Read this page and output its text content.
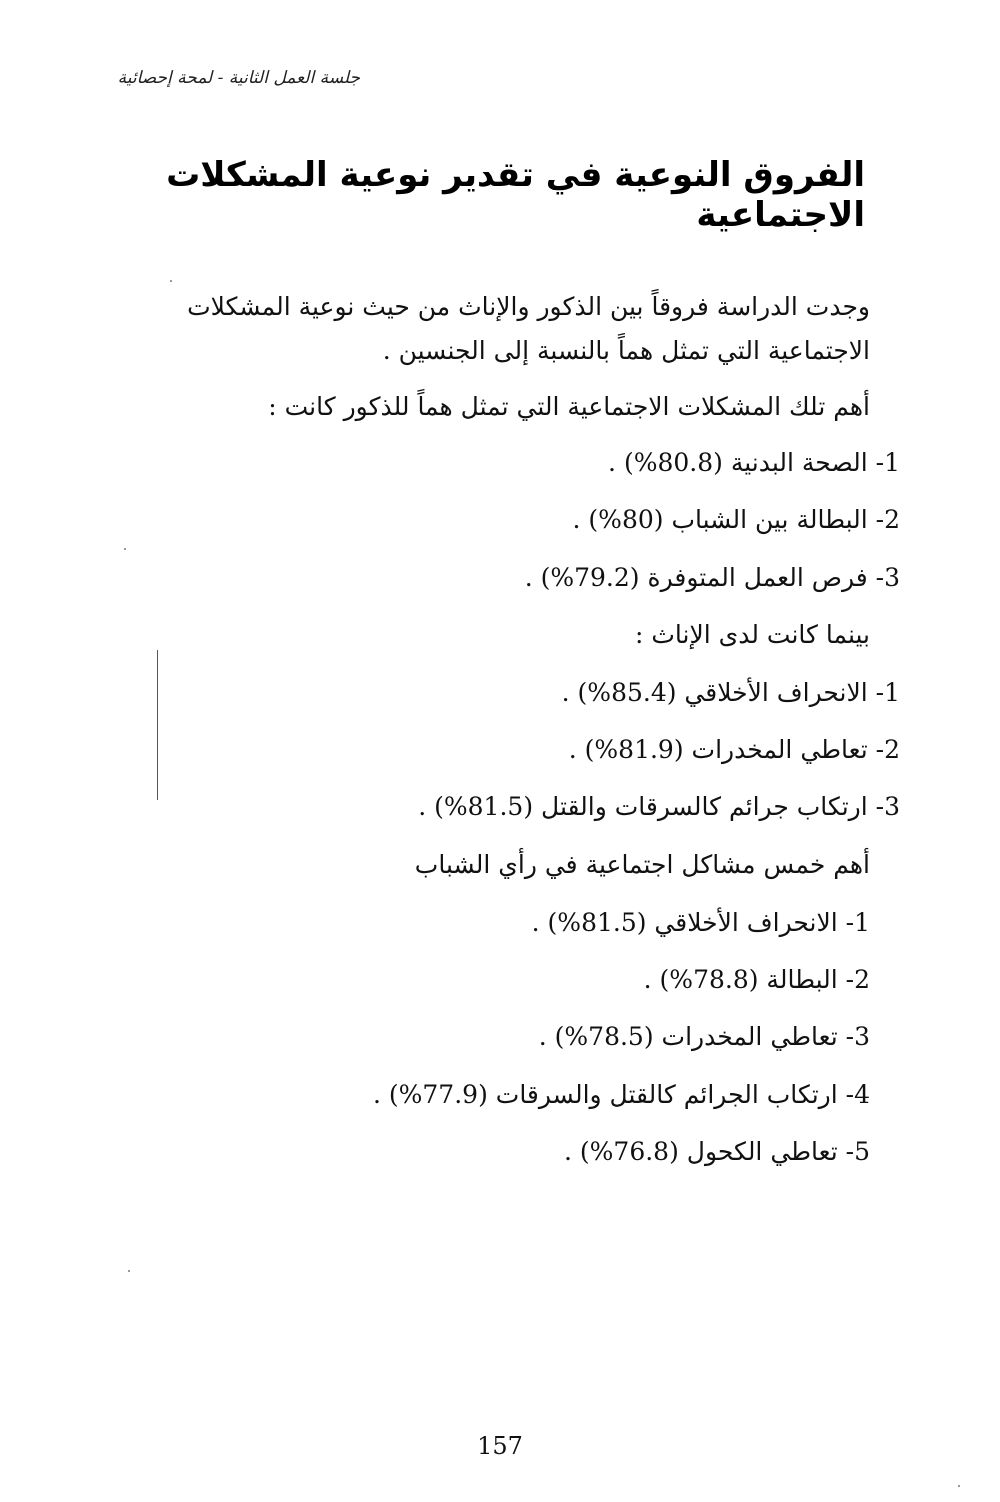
جلسة العمل الثانية - لمحة إحصائية
الفروق النوعية في تقدير نوعية المشكلات الاجتماعية
وجدت الدراسة فروقاً بين الذكور والإناث من حيث نوعية المشكلات الاجتماعية التي تمثل هماً بالنسبة إلى الجنسين .
أهم تلك المشكلات الاجتماعية التي تمثل هماً للذكور كانت :
1- الصحة البدنية (80.8%) .
2- البطالة بين الشباب (80%) .
3- فرص العمل المتوفرة (79.2%) .
بينما كانت لدى الإناث :
1- الانحراف الأخلاقي (85.4%) .
2- تعاطي المخدرات (81.9%) .
3- ارتكاب جرائم كالسرقات والقتل (81.5%) .
أهم خمس مشاكل اجتماعية في رأي الشباب
1- الانحراف الأخلاقي (81.5%) .
2- البطالة (78.8%) .
3- تعاطي المخدرات (78.5%) .
4- ارتكاب الجرائم كالقتل والسرقات (77.9%) .
5- تعاطي الكحول (76.8%) .
157
